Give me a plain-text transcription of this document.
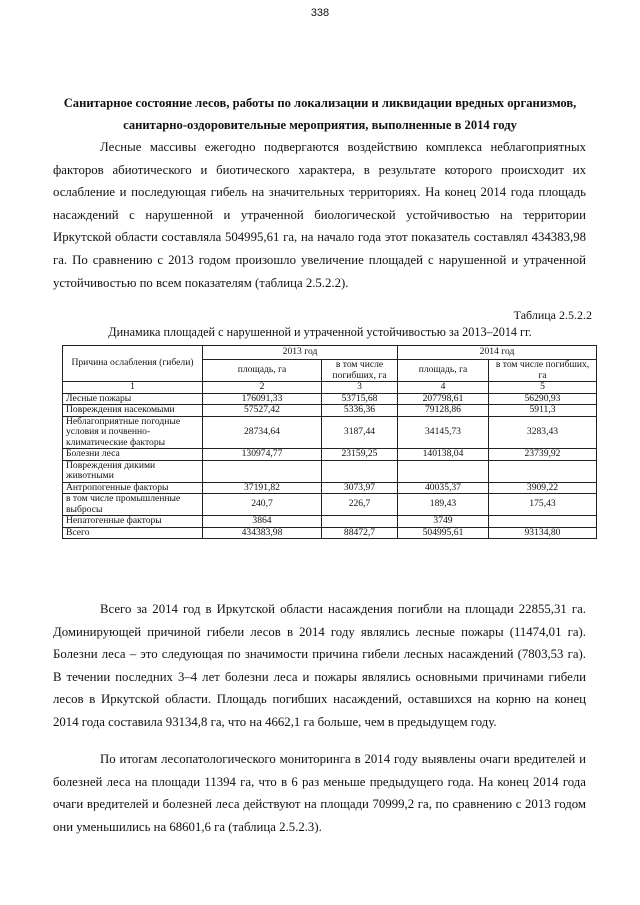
338
Санитарное состояние лесов, работы по локализации и ликвидации вредных организмов,
санитарно-оздоровительные мероприятия, выполненные в 2014 году

Лесные массивы ежегодно подвергаются воздействию комплекса неблагоприятных факторов абиотического и биотического характера, в результате которого происходит их ослабление и последующая гибель на значительных территориях. На конец 2014 года площадь насаждений с нарушенной и утраченной биологической устойчивостью на территории Иркутской области составляла 504995,61 га, на начало года этот показатель составлял 434383,98 га. По сравнению с 2013 годом произошло увеличение площадей с нарушенной и утраченной устойчивостью по всем показателям (таблица 2.5.2.2).

Таблица 2.5.2.2
Динамика площадей с нарушенной и утраченной устойчивостью за 2013–2014 гг.
Причина ослабления (гибели)	2013 год		2014 год	
	площадь, га	в том числе погибших, га	площадь, га	в том числе погибших, га
1	2	3	4	5
Лесные пожары	176091,33	53715,68	207798,61	56290,93
Повреждения насекомыми	57527,42	5336,36	79128,86	5911,3
Неблагоприятные погодные условия и почвенно-климатические факторы	28734,64	3187,44	34145,73	3283,43
Болезни леса	130974,77	23159,25	140138,04	23739,92
Повреждения дикими животными				
Антропогенные факторы	37191,82	3073,97	40035,37	3909,22
в том числе промышленные выбросы	240,7	226,7	189,43	175,43
Непатогенные факторы	3864		3749	
Всего	434383,98	88472,7	504995,61	93134,80

Всего за 2014 год в Иркутской области насаждения погибли на площади 22855,31 га. Доминирующей причиной гибели лесов в 2014 году являлись лесные пожары (11474,01 га). Болезни леса – это следующая по значимости причина гибели лесных насаждений (7803,53 га). В течении последних 3–4 лет болезни леса и пожары являлись основными причинами гибели лесов в Иркутской области. Площадь погибших насаждений, оставшихся на корню на конец 2014 года составила 93134,8 га, что на 4662,1 га больше, чем в предыдущем году.

По итогам лесопатологического мониторинга в 2014 году выявлены очаги вредителей и болезней леса на площади 11394 га, что в 6 раз меньше предыдущего года. На конец 2014 года очаги вредителей и болезней леса действуют на площади 70999,2 га, по сравнению с 2013 годом они уменьшились на 68601,6 га (таблица 2.5.2.3).
